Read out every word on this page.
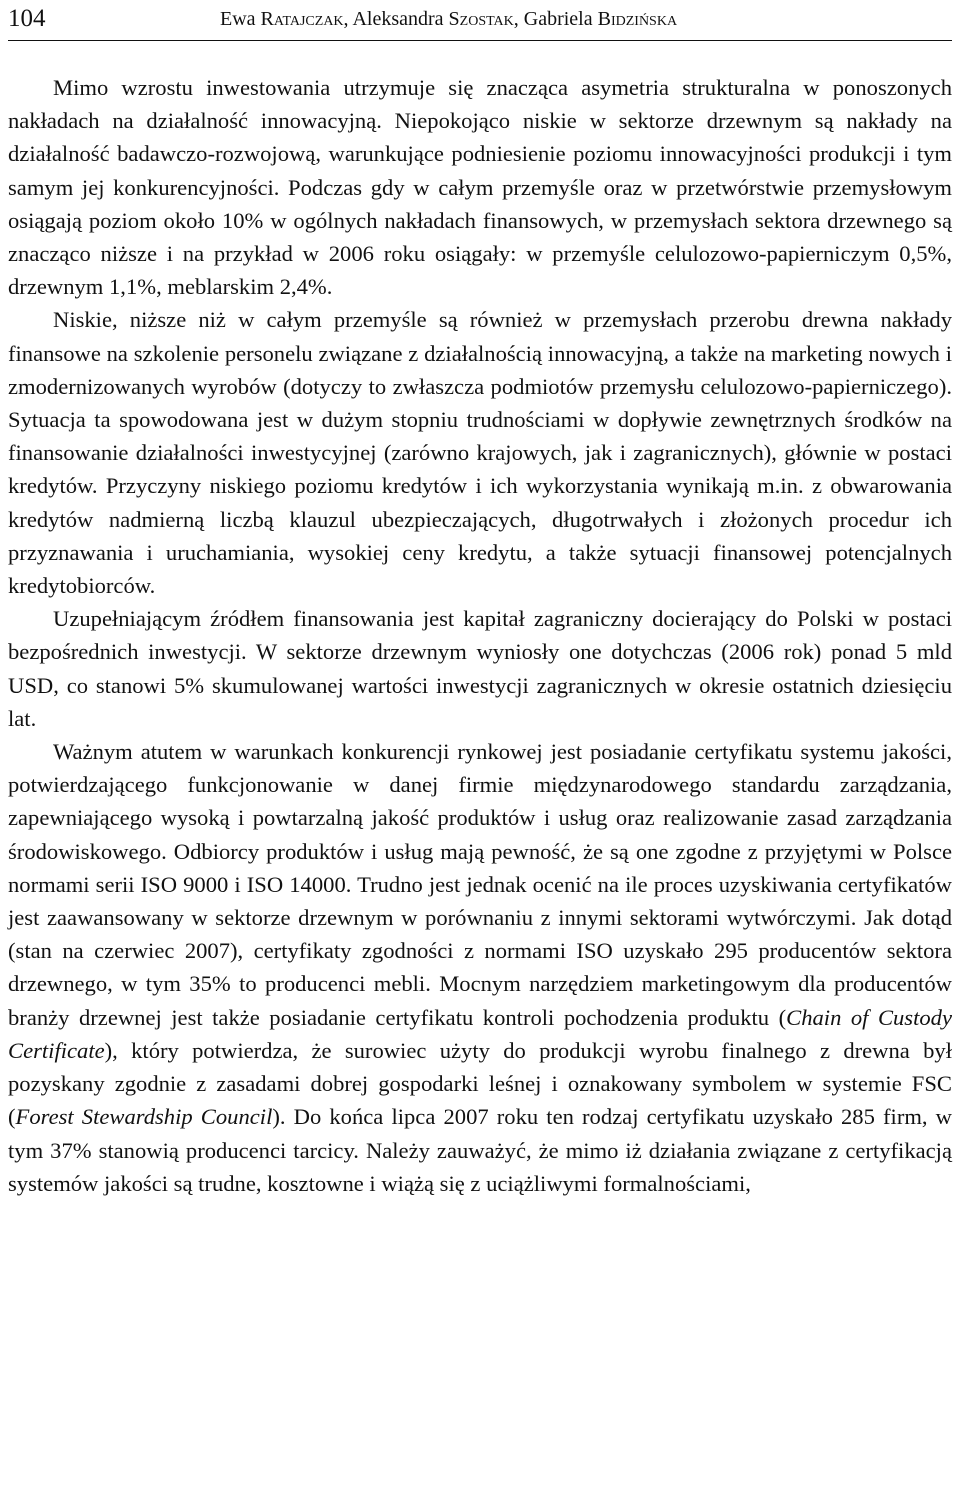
104	Ewa Ratajczak, Aleksandra Szostak, Gabriela Bidzińska

Mimo wzrostu inwestowania utrzymuje się znacząca asymetria strukturalna w ponoszonych nakładach na działalność innowacyjną. Niepokojąco niskie w sektorze drzewnym są nakłady na działalność badawczo-rozwojową, warunkujące podniesienie poziomu innowacyjności produkcji i tym samym jej konkurencyjności. Podczas gdy w całym przemyśle oraz w przetwórstwie przemysłowym osiągają poziom około 10% w ogólnych nakładach finansowych, w przemysłach sektora drzewnego są znacząco niższe i na przykład w 2006 roku osiągały: w przemyśle celulozowo-papierniczym 0,5%, drzewnym 1,1%, meblarskim 2,4%.

Niskie, niższe niż w całym przemyśle są również w przemysłach przerobu drewna nakłady finansowe na szkolenie personelu związane z działalnością innowacyjną, a także na marketing nowych i zmodernizowanych wyrobów (dotyczy to zwłaszcza podmiotów przemysłu celulozowo-papierniczego). Sytuacja ta spowodowana jest w dużym stopniu trudnościami w dopływie zewnętrznych środków na finansowanie działalności inwestycyjnej (zarówno krajowych, jak i zagranicznych), głównie w postaci kredytów. Przyczyny niskiego poziomu kredytów i ich wykorzystania wynikają m.in. z obwarowania kredytów nadmierną liczbą klauzul ubezpieczających, długotrwałych i złożonych procedur ich przyznawania i uruchamiania, wysokiej ceny kredytu, a także sytuacji finansowej potencjalnych kredytobiorców.

Uzupełniającym źródłem finansowania jest kapitał zagraniczny docierający do Polski w postaci bezpośrednich inwestycji. W sektorze drzewnym wyniosły one dotychczas (2006 rok) ponad 5 mld USD, co stanowi 5% skumulowanej wartości inwestycji zagranicznych w okresie ostatnich dziesięciu lat.

Ważnym atutem w warunkach konkurencji rynkowej jest posiadanie certyfikatu systemu jakości, potwierdzającego funkcjonowanie w danej firmie międzynarodowego standardu zarządzania, zapewniającego wysoką i powtarzalną jakość produktów i usług oraz realizowanie zasad zarządzania środowiskowego. Odbiorcy produktów i usług mają pewność, że są one zgodne z przyjętymi w Polsce normami serii ISO 9000 i ISO 14000. Trudno jest jednak ocenić na ile proces uzyskiwania certyfikatów jest zaawansowany w sektorze drzewnym w porównaniu z innymi sektorami wytwórczymi. Jak dotąd (stan na czerwiec 2007), certyfikaty zgodności z normami ISO uzyskało 295 producentów sektora drzewnego, w tym 35% to producenci mebli. Mocnym narzędziem marketingowym dla producentów branży drzewnej jest także posiadanie certyfikatu kontroli pochodzenia produktu (Chain of Custody Certificate), który potwierdza, że surowiec użyty do produkcji wyrobu finalnego z drewna był pozyskany zgodnie z zasadami dobrej gospodarki leśnej i oznakowany symbolem w systemie FSC (Forest Stewardship Council). Do końca lipca 2007 roku ten rodzaj certyfikatu uzyskało 285 firm, w tym 37% stanowią producenci tarcicy. Należy zauważyć, że mimo iż działania związane z certyfikacją systemów jakości są trudne, kosztowne i wiążą się z uciążliwymi formalnościami,
